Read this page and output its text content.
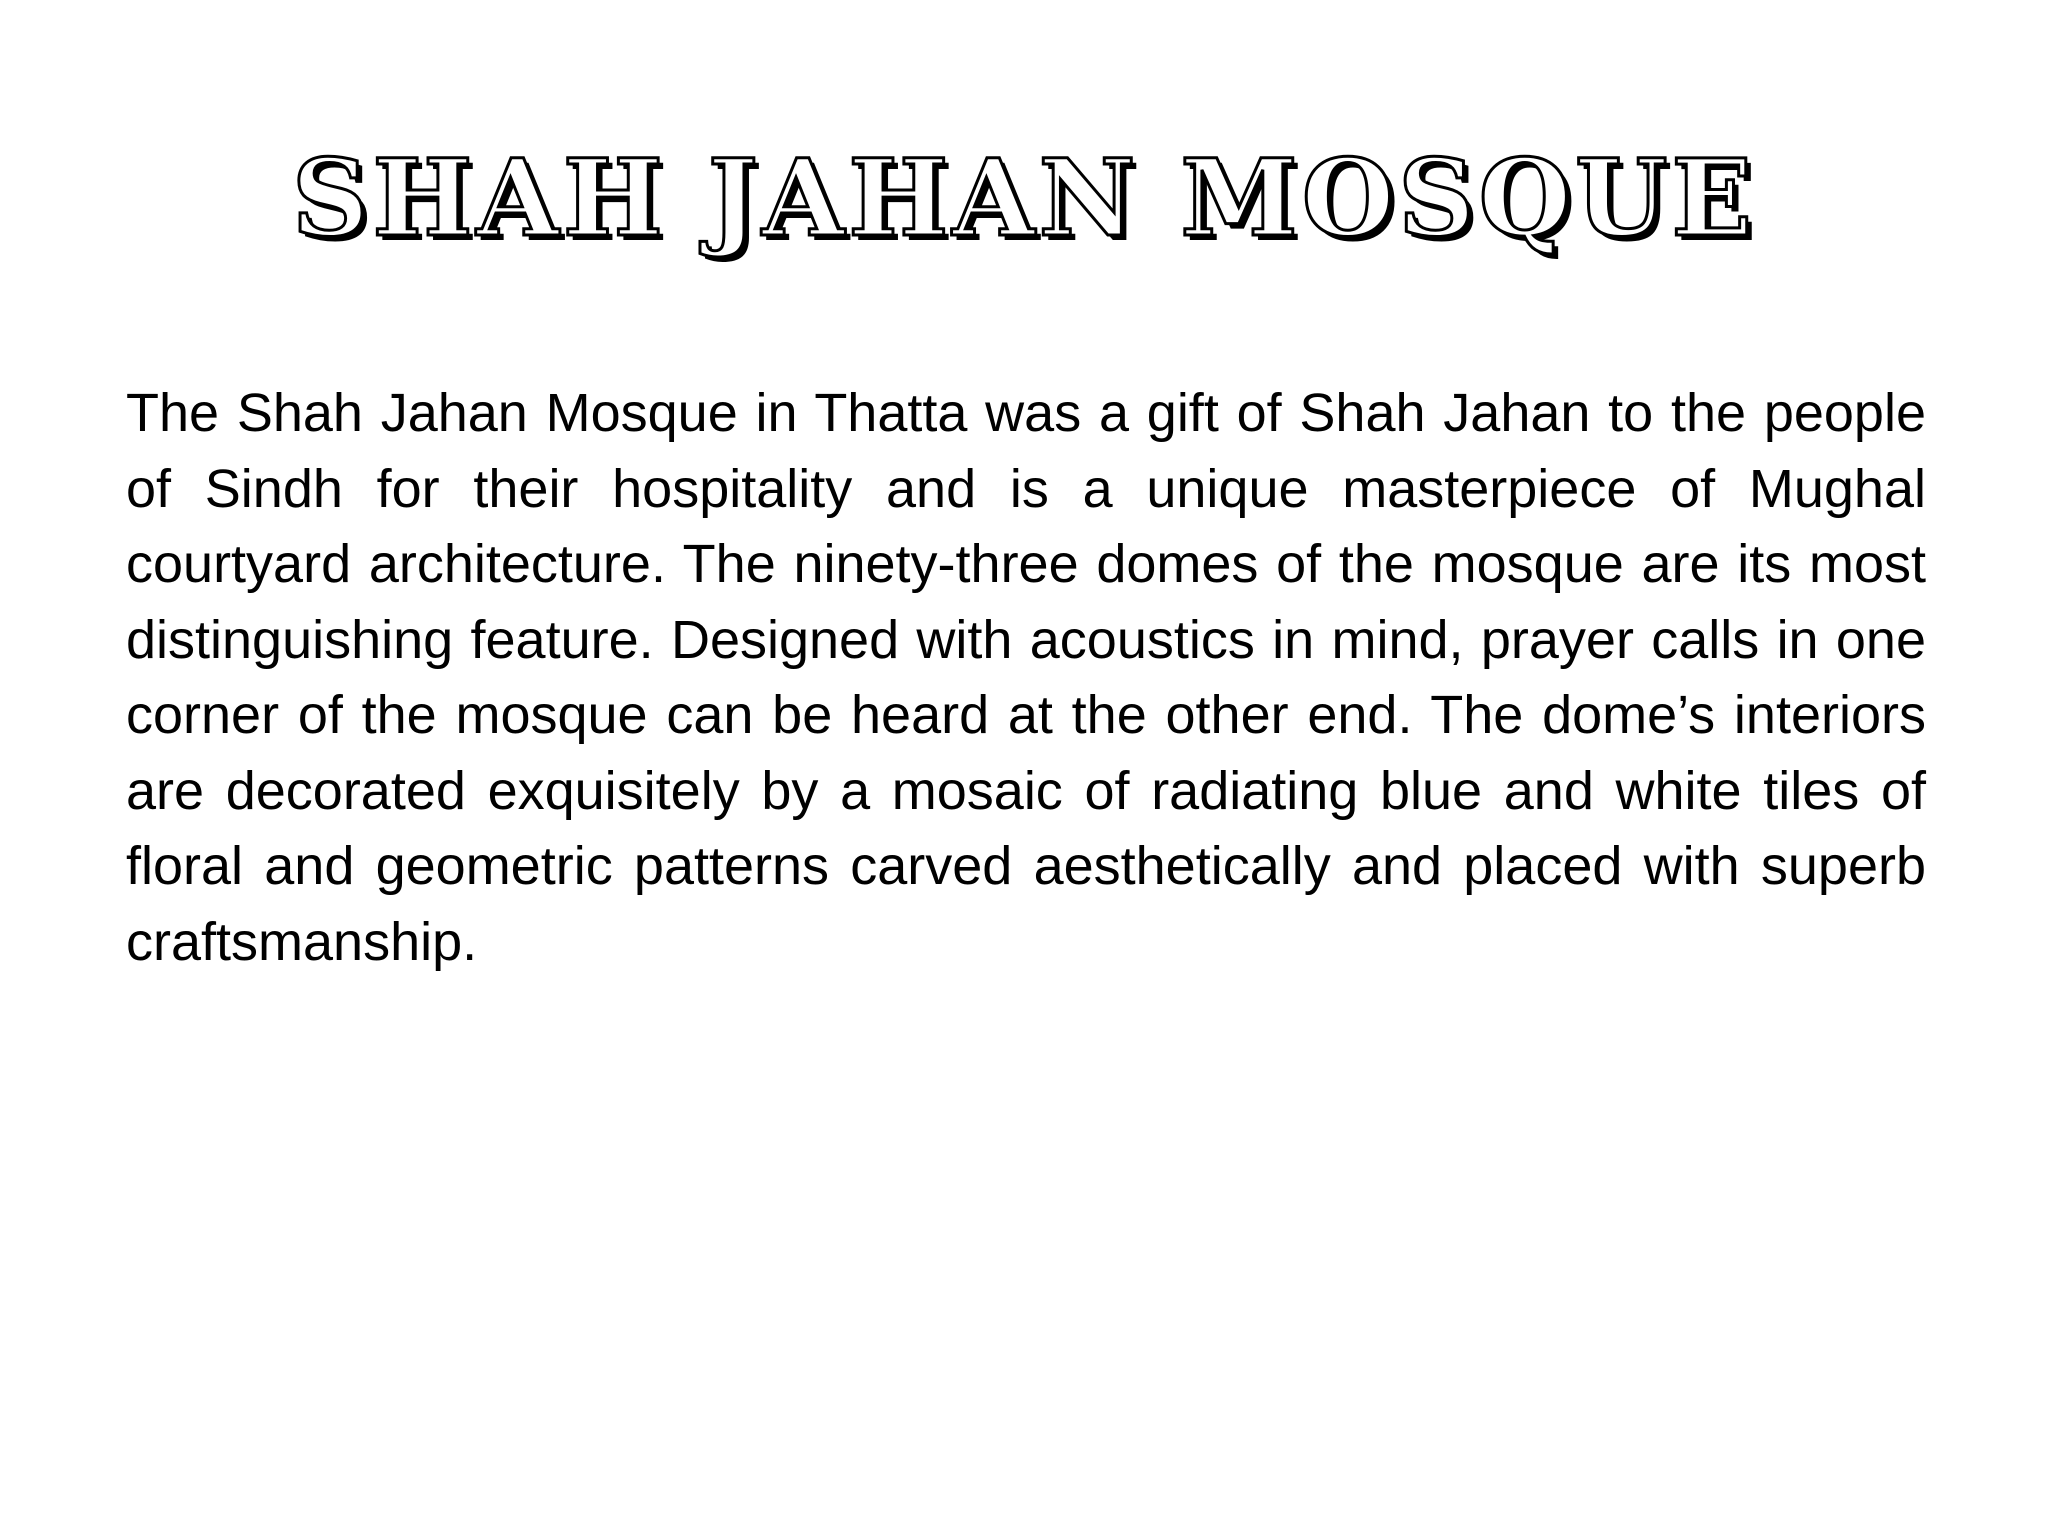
SHAH JAHAN MOSQUE

The Shah Jahan Mosque in Thatta was a gift of Shah Jahan to the people of Sindh for their hospitality and is a unique masterpiece of Mughal courtyard architecture. The ninety-three domes of the mosque are its most distinguishing feature. Designed with acoustics in mind, prayer calls in one corner of the mosque can be heard at the other end. The dome’s interiors are decorated exquisitely by a mosaic of radiating blue and white tiles of floral and geometric patterns carved aesthetically and placed with superb craftsmanship.
